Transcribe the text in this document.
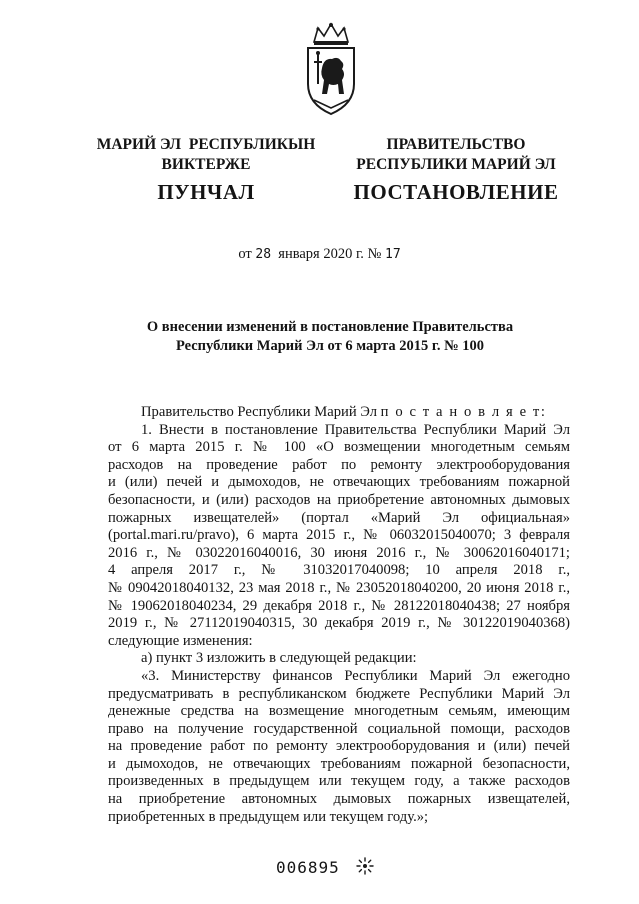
МАРИЙ ЭЛ  РЕСПУБЛИКЫН
ВИКТЕРЖЕ
ПУНЧАЛ
ПРАВИТЕЛЬСТВО
РЕСПУБЛИКИ МАРИЙ ЭЛ
ПОСТАНОВЛЕНИЕ
от 28 января 2020 г. № 17
О внесении изменений в постановление Правительства
Республики Марий Эл от 6 марта 2015 г. № 100

Правительство Республики Марий Эл п о с т а н о в л я е т:

1. Внести в постановление Правительства Республики Марий Эл

от 6 марта 2015 г. № 100 «О возмещении многодетным семьям

расходов на проведение работ по ремонту электрооборудования

и (или) печей и дымоходов, не отвечающих требованиям пожарной

безопасности, и (или) расходов на приобретение автономных дымовых

пожарных извещателей» (портал «Марий Эл официальная»

(portal.mari.ru/pravo), 6 марта 2015 г., № 06032015040070; 3 февраля

2016 г., № 03022016040016, 30 июня 2016 г., № 30062016040171;

4 апреля 2017 г., № 31032017040098; 10 апреля 2018 г.,

№ 09042018040132, 23 мая 2018 г., № 23052018040200, 20 июня 2018 г.,

№ 19062018040234, 29 декабря 2018 г., № 28122018040438; 27 ноября

2019 г., № 27112019040315, 30 декабря 2019 г., № 30122019040368)

следующие изменения:

а) пункт 3 изложить в следующей редакции:

«3. Министерству финансов Республики Марий Эл ежегодно

предусматривать в республиканском бюджете Республики Марий Эл

денежные средства на возмещение многодетным семьям, имеющим

право на получение государственной социальной помощи, расходов

на проведение работ по ремонту электрооборудования и (или) печей

и дымоходов, не отвечающих требованиям пожарной безопасности,

произведенных в предыдущем или текущем году, а также расходов

на приобретение автономных дымовых пожарных извещателей,

приобретенных в предыдущем или текущем году.»;

006895
